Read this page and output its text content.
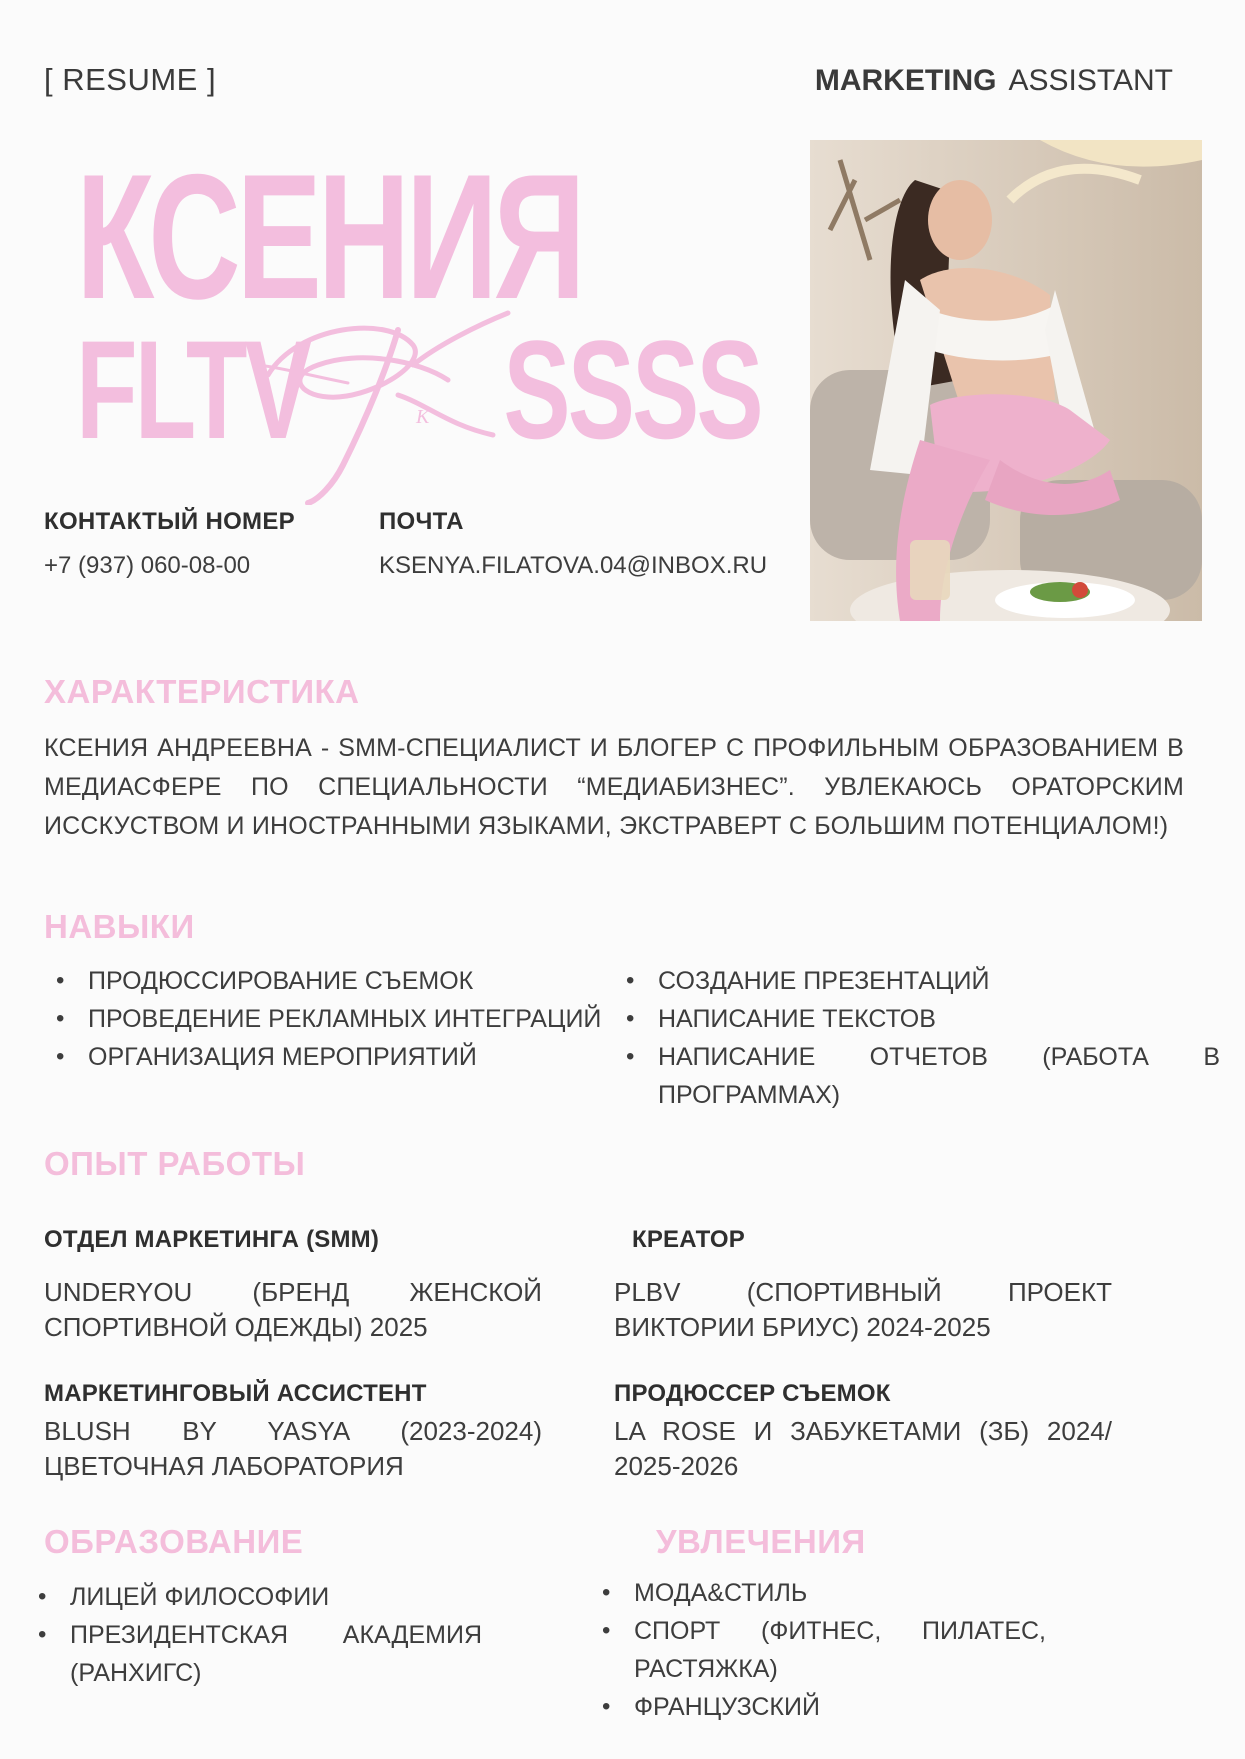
[ RESUME ]	MARKETING ASSISTANT
КСЕНИЯ
FLTV SSSS
K
КОНТАКТЫЙ НОМЕР
+7 (937) 060-08-00
ПОЧТА
KSENYA.FILATOVA.04@INBOX.RU
ХАРАКТЕРИСТИКА
КСЕНИЯ АНДРЕЕВНА - SMM-СПЕЦИАЛИСТ И БЛОГЕР С ПРОФИЛЬНЫМ ОБРАЗОВАНИЕМ В МЕДИАСФЕРЕ ПО СПЕЦИАЛЬНОСТИ “МЕДИАБИЗНЕС”. УВЛЕКАЮСЬ ОРАТОРСКИМ ИССКУСТВОМ И ИНОСТРАННЫМИ ЯЗЫКАМИ, ЭКСТРАВЕРТ С БОЛЬШИМ ПОТЕНЦИАЛОМ!)
НАВЫКИ
• ПРОДЮССИРОВАНИЕ СЪЕМОК
• ПРОВЕДЕНИЕ РЕКЛАМНЫХ ИНТЕГРАЦИЙ
• ОРГАНИЗАЦИЯ МЕРОПРИЯТИЙ
• СОЗДАНИЕ ПРЕЗЕНТАЦИЙ
• НАПИСАНИЕ ТЕКСТОВ
• НАПИСАНИЕ ОТЧЕТОВ (РАБОТА В ПРОГРАММАХ)
ОПЫТ РАБОТЫ
ОТДЕЛ МАРКЕТИНГА (SMM)
UNDERYOU (БРЕНД ЖЕНСКОЙ СПОРТИВНОЙ ОДЕЖДЫ) 2025
КРЕАТОР
PLBV (СПОРТИВНЫЙ ПРОЕКТ ВИКТОРИИ БРИУС) 2024-2025
МАРКЕТИНГОВЫЙ АССИСТЕНТ
BLUSH BY YASYA (2023-2024) ЦВЕТОЧНАЯ ЛАБОРАТОРИЯ
ПРОДЮССЕР СЪЕМОК
LA ROSE И ЗАБУКЕТАМИ (ЗБ) 2024/ 2025-2026
ОБРАЗОВАНИЕ
• ЛИЦЕЙ ФИЛОСОФИИ
• ПРЕЗИДЕНТСКАЯ АКАДЕМИЯ (РАНХИГС)
УВЛЕЧЕНИЯ
• МОДА&СТИЛЬ
• СПОРТ (ФИТНЕС, ПИЛАТЕС, РАСТЯЖКА)
• ФРАНЦУЗСКИЙ
